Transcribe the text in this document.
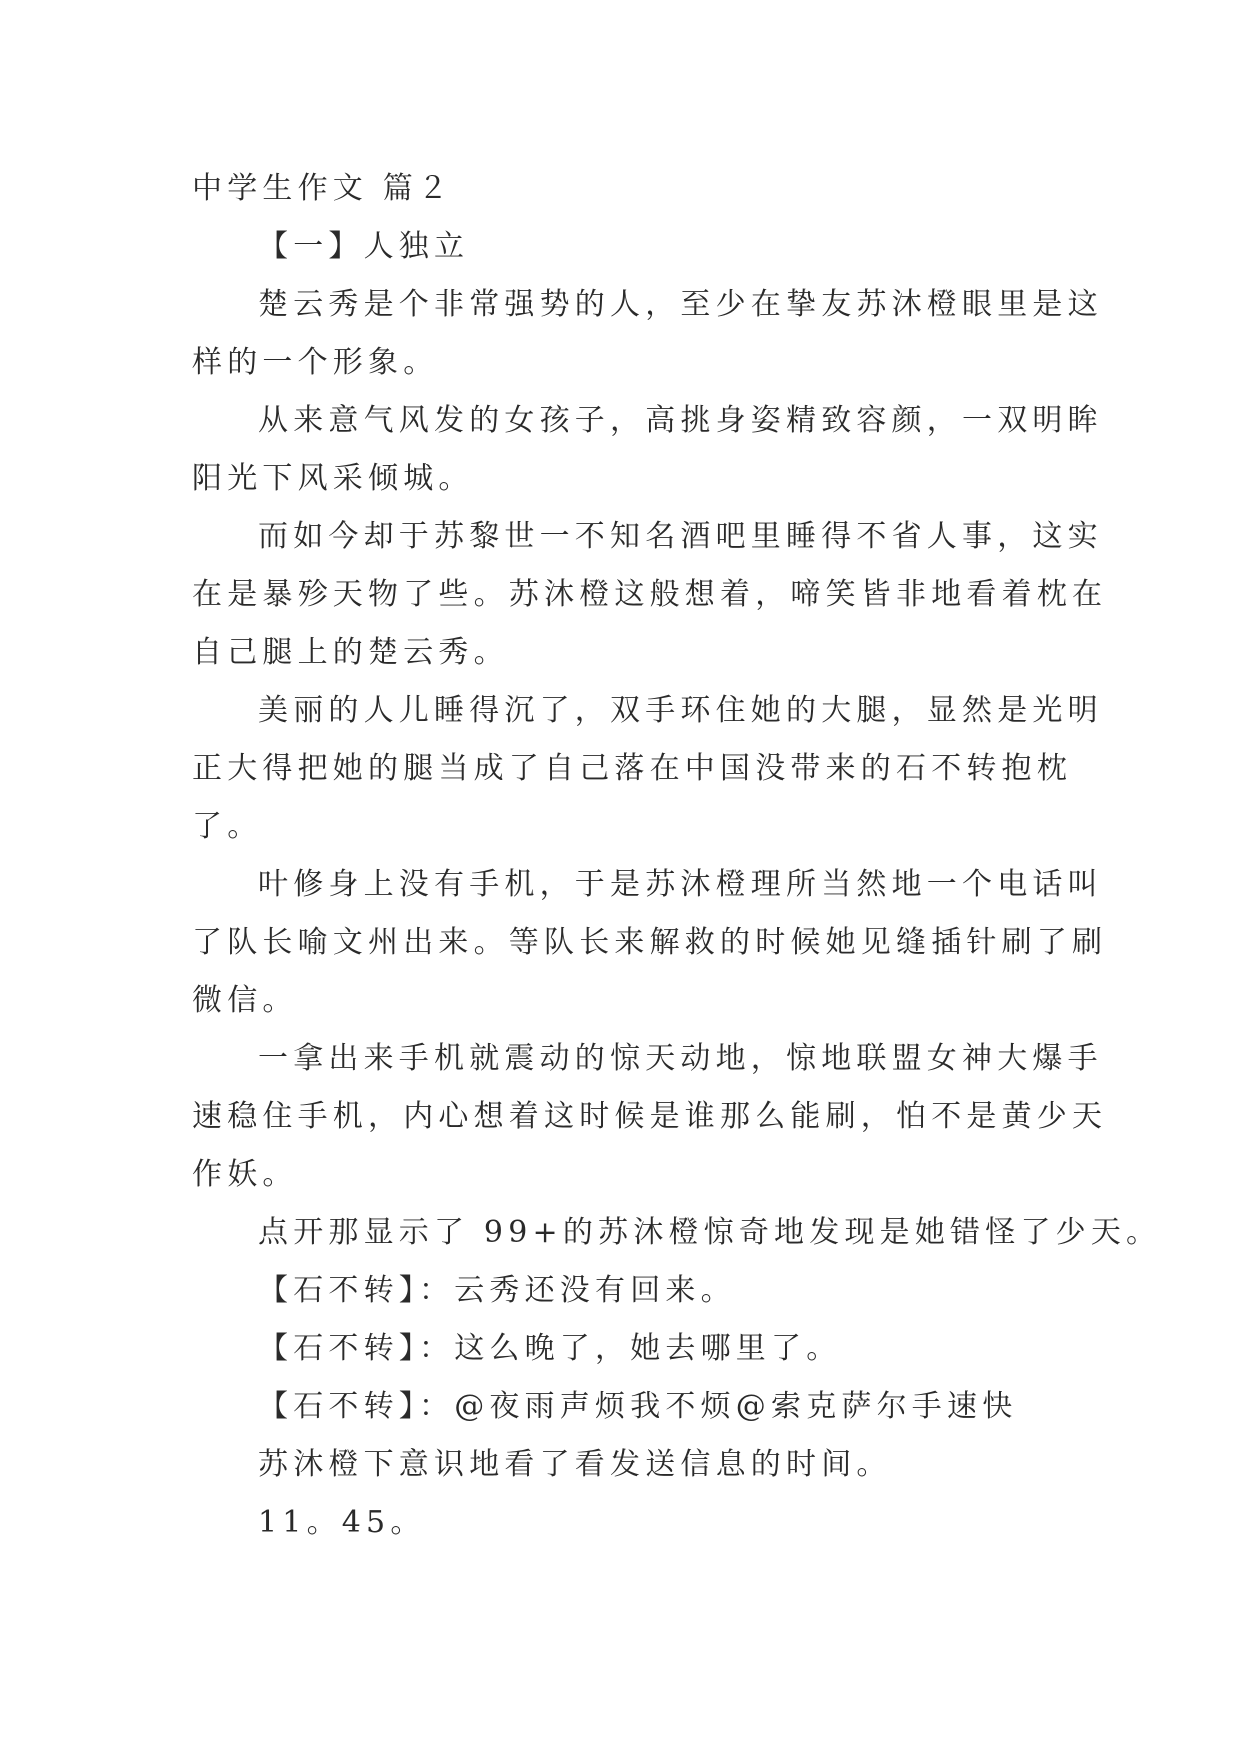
中学生作文 篇２
【一】人独立
楚云秀是个非常强势的人，至少在挚友苏沐橙眼里是这
样的一个形象。
从来意气风发的女孩子，高挑身姿精致容颜，一双明眸
阳光下风采倾城。
而如今却于苏黎世一不知名酒吧里睡得不省人事，这实
在是暴殄天物了些。苏沐橙这般想着，啼笑皆非地看着枕在
自己腿上的楚云秀。
美丽的人儿睡得沉了，双手环住她的大腿，显然是光明
正大得把她的腿当成了自己落在中国没带来的石不转抱枕
了。
叶修身上没有手机，于是苏沐橙理所当然地一个电话叫
了队长喻文州出来。等队长来解救的时候她见缝插针刷了刷
微信。
一拿出来手机就震动的惊天动地，惊地联盟女神大爆手
速稳住手机，内心想着这时候是谁那么能刷，怕不是黄少天
作妖。
点开那显示了 99+的苏沐橙惊奇地发现是她错怪了少天。
【石不转】：云秀还没有回来。
【石不转】：这么晚了，她去哪里了。
【石不转】：@夜雨声烦我不烦@索克萨尔手速快
苏沐橙下意识地看了看发送信息的时间。
11。45。
